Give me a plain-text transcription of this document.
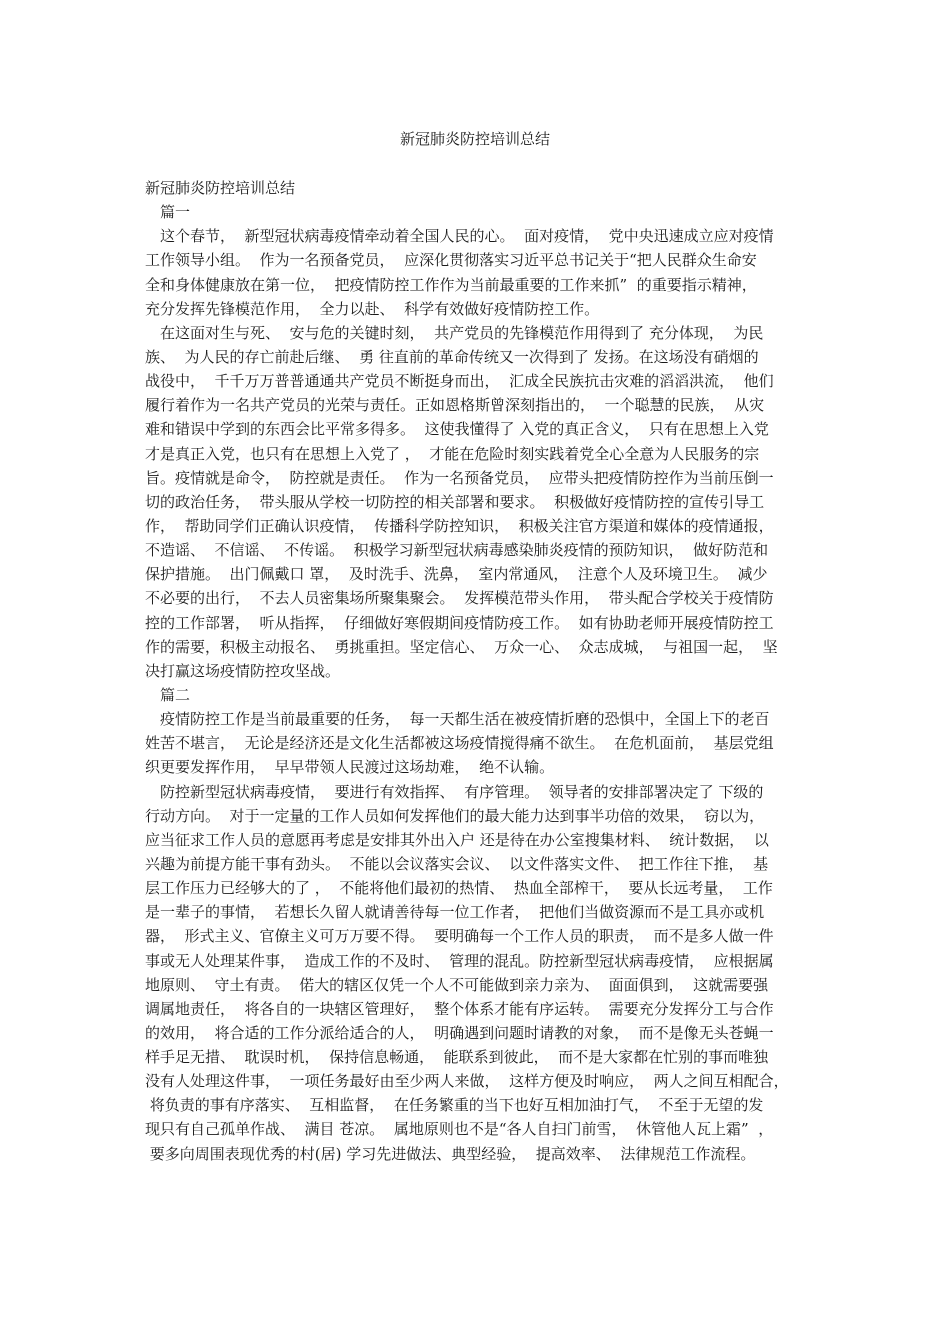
新冠肺炎防控培训总结
新冠肺炎防控培训总结
篇一
这个春节，  新型冠状病毒疫情牵动着全国人民的心。  面对疫情，  党中央迅速成立应对疫情
工作领导小组。  作为一名预备党员，  应深化贯彻落实习近平总书记关于“把人民群众生命安
全和身体健康放在第一位，  把疫情防控工作作为当前最重要的工作来抓”  的重要指示精神，
充分发挥先锋模范作用，  全力以赴、  科学有效做好疫情防控工作。
在这面对生与死、  安与危的关键时刻，  共产党员的先锋模范作用得到了 充分体现，  为民
族、  为人民的存亡前赴后继、  勇 往直前的革命传统又一次得到了 发扬。在这场没有硝烟的
战役中，  千千万万普普通通共产党员不断挺身而出，  汇成全民族抗击灾难的滔滔洪流，  他们
履行着作为一名共产党员的光荣与责任。正如恩格斯曾深刻指出的，  一个聪慧的民族，  从灾
难和错误中学到的东西会比平常多得多。  这使我懂得了 入党的真正含义，  只有在思想上入党
才是真正入党，也只有在思想上入党了 ，  才能在危险时刻实践着党全心全意为人民服务的宗
旨。疫情就是命令，  防控就是责任。  作为一名预备党员，  应带头把疫情防控作为当前压倒一
切的政治任务，  带头服从学校一切防控的相关部署和要求。  积极做好疫情防控的宣传引导工
作，  帮助同学们正确认识疫情，  传播科学防控知识，  积极关注官方渠道和媒体的疫情通报，
不造谣、  不信谣、  不传谣。  积极学习新型冠状病毒感染肺炎疫情的预防知识，  做好防范和
保护措施。  出门佩戴口 罩，  及时洗手、洗鼻，  室内常通风，  注意个人及环境卫生。  减少
不必要的出行，  不去人员密集场所聚集聚会。  发挥模范带头作用，  带头配合学校关于疫情防
控的工作部署，  听从指挥，  仔细做好寒假期间疫情防疫工作。  如有协助老师开展疫情防控工
作的需要，积极主动报名、  勇挑重担。坚定信心、  万众一心、  众志成城，  与祖国一起，  坚
决打赢这场疫情防控攻坚战。
篇二
疫情防控工作是当前最重要的任务，  每一天都生活在被疫情折磨的恐惧中，全国上下的老百
姓苦不堪言，  无论是经济还是文化生活都被这场疫情搅得痛不欲生。  在危机面前，  基层党组
织更要发挥作用，  早早带领人民渡过这场劫难，  绝不认输。
防控新型冠状病毒疫情，  要进行有效指挥、  有序管理。  领导者的安排部署决定了 下级的
行动方向。  对于一定量的工作人员如何发挥他们的最大能力达到事半功倍的效果，  窃以为，
应当征求工作人员的意愿再考虑是安排其外出入户 还是待在办公室搜集材料、  统计数据，  以
兴趣为前提方能干事有劲头。  不能以会议落实会议、  以文件落实文件、  把工作往下推，  基
层工作压力已经够大的了 ，  不能将他们最初的热情、  热血全部榨干，  要从长远考量，  工作
是一辈子的事情，  若想长久留人就请善待每一位工作者，  把他们当做资源而不是工具亦或机
器，  形式主义、官僚主义可万万要不得。  要明确每一个工作人员的职责，  而不是多人做一件
事或无人处理某件事，  造成工作的不及时、  管理的混乱。防控新型冠状病毒疫情，  应根据属
地原则、  守土有责。  偌大的辖区仅凭一个人不可能做到亲力亲为、  面面俱到，  这就需要强
调属地责任，  将各自的一块辖区管理好，  整个体系才能有序运转。  需要充分发挥分工与合作
的效用，  将合适的工作分派给适合的人，  明确遇到问题时请教的对象，  而不是像无头苍蝇一
样手足无措、  耽误时机，  保持信息畅通，  能联系到彼此，  而不是大家都在忙别的事而唯独
没有人处理这件事，  一项任务最好由至少两人来做，  这样方便及时响应，  两人之间互相配合，
将负责的事有序落实、  互相监督，  在任务繁重的当下也好互相加油打气，  不至于无望的发
现只有自己孤单作战、  满目 苍凉。  属地原则也不是“各人自扫门前雪，  休管他人瓦上霜”  ，
要多向周围表现优秀的村(居) 学习先进做法、典型经验，  提高效率、  法律规范工作流程。
